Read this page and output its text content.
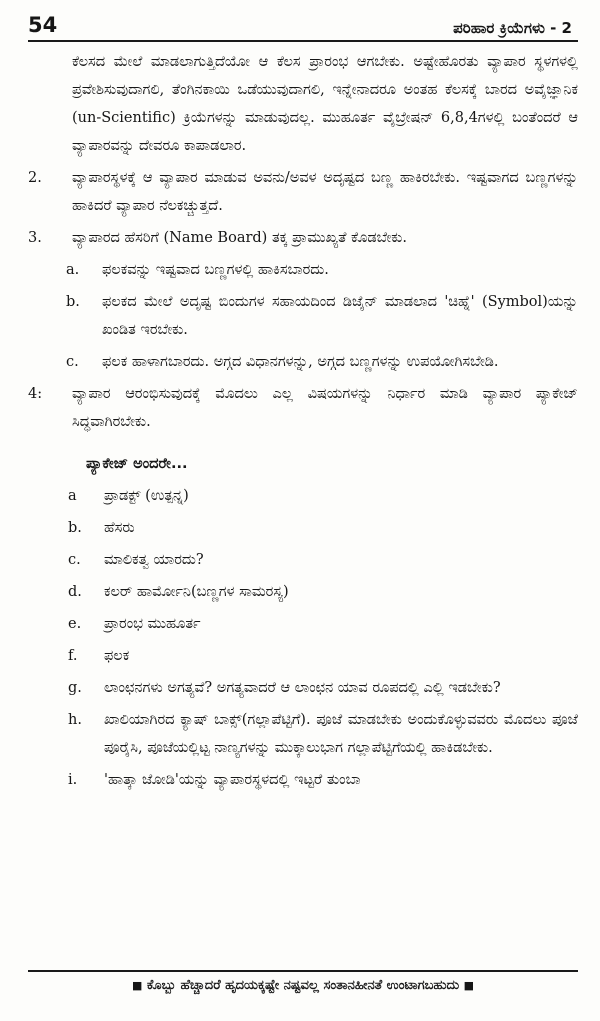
54	ಪರಿಹಾರ ಕ್ರಿಯೆಗಳು - 2

ಕೆಲಸದ ಮೇಲೆ ಮಾಡಲಾಗುತ್ತಿದೆಯೋ ಆ ಕೆಲಸ ಪ್ರಾರಂಭ ಆಗಬೇಕು. ಅಷ್ಟೇಹೊರತು ವ್ಯಾಪಾರ ಸ್ಥಳಗಳಲ್ಲಿ ಪ್ರವೇಶಿಸುವುದಾಗಲಿ, ತೆಂಗಿನಕಾಯಿ ಒಡೆಯುವುದಾಗಲಿ, ಇನ್ನೇನಾದರೂ ಅಂತಹ ಕೆಲಸಕ್ಕೆ ಬಾರದ ಅವೈಜ್ಞಾನಿಕ (un-Scientific) ಕ್ರಿಯೆಗಳನ್ನು ಮಾಡುವುದಲ್ಲ. ಮುಹೂರ್ತ ವೈಬ್ರೇಷನ್ 6,8,4ಗಳಲ್ಲಿ ಬಂತೆಂದರೆ ಆ ವ್ಯಾಪಾರವನ್ನು ದೇವರೂ ಕಾಪಾಡಲಾರ.

2.	ವ್ಯಾಪಾರಸ್ಥಳಕ್ಕೆ ಆ ವ್ಯಾಪಾರ ಮಾಡುವ ಅವನು/ಅವಳ ಅದೃಷ್ಟದ ಬಣ್ಣ ಹಾಕಿರಬೇಕು. ಇಷ್ಟವಾಗದ ಬಣ್ಣಗಳನ್ನು ಹಾಕಿದರೆ ವ್ಯಾಪಾರ ನೆಲಕಚ್ಚುತ್ತದೆ.
3.	ವ್ಯಾಪಾರದ ಹೆಸರಿಗೆ (Name Board) ತಕ್ಕ ಪ್ರಾಮುಖ್ಯತೆ ಕೊಡಬೇಕು.
a.	ಫಲಕವನ್ನು ಇಷ್ಟವಾದ ಬಣ್ಣಗಳಲ್ಲಿ ಹಾಕಿಸಬಾರದು.
b.	ಫಲಕದ ಮೇಲೆ ಅದೃಷ್ಟ ಬಿಂದುಗಳ ಸಹಾಯದಿಂದ ಡಿಜೈನ್ ಮಾಡಲಾದ 'ಚಿಹ್ನೆ' (Symbol)ಯನ್ನು ಖಂಡಿತ ಇರಬೇಕು.
c.	ಫಲಕ ಹಾಳಾಗಬಾರದು. ಅಗ್ಗದ ವಿಧಾನಗಳನ್ನು, ಅಗ್ಗದ ಬಣ್ಣಗಳನ್ನು ಉಪಯೋಗಿಸಬೇಡಿ.
4:	ವ್ಯಾಪಾರ ಆರಂಭಿಸುವುದಕ್ಕೆ ಮೊದಲು ಎಲ್ಲ ವಿಷಯಗಳನ್ನು ನಿರ್ಧಾರ ಮಾಡಿ ವ್ಯಾಪಾರ ಪ್ಯಾಕೇಜ್ ಸಿದ್ಧವಾಗಿರಬೇಕು.
ಪ್ಯಾಕೇಜ್ ಅಂದರೇ...
a	ಪ್ರಾಡಕ್ಟ್ (ಉತ್ಪನ್ನ)
b.	ಹೆಸರು
c.	ಮಾಲಿಕತ್ವ ಯಾರದು?
d.	ಕಲರ್ ಹಾರ್ಮೋನಿ(ಬಣ್ಣಗಳ ಸಾಮರಸ್ಯ)
e.	ಪ್ರಾರಂಭ ಮುಹೂರ್ತ
f.	ಫಲಕ
g.	ಲಾಂಛನಗಳು ಅಗತ್ಯವೆ? ಅಗತ್ಯವಾದರೆ ಆ ಲಾಂಛನ ಯಾವ ರೂಪದಲ್ಲಿ ಎಲ್ಲಿ ಇಡಬೇಕು?
h.	ಖಾಲಿಯಾಗಿರದ ಕ್ಯಾಷ್ ಬಾಕ್ಸ್(ಗಲ್ಲಾಪೆಟ್ಟಿಗೆ). ಪೂಜೆ ಮಾಡಬೇಕು ಅಂದುಕೊಳ್ಳುವವರು ಮೊದಲು ಪೂಜೆ ಪೂರೈಸಿ, ಪೂಜೆಯಲ್ಲಿಟ್ಟ ನಾಣ್ಯಗಳನ್ನು ಮುಕ್ಕಾಲುಭಾಗ ಗಲ್ಲಾಪೆಟ್ಟಿಗೆಯಲ್ಲಿ ಹಾಕಿಡಬೇಕು.
i.	'ಹಾತ್ಕಾ ಜೋಡಿ'ಯನ್ನು ವ್ಯಾಪಾರಸ್ಥಳದಲ್ಲಿ ಇಟ್ಟರೆ ತುಂಬಾ
■ ಕೊಬ್ಬು ಹೆಚ್ಚಾದರೆ ಹೃದಯಕ್ಕಷ್ಟೇ ನಷ್ಟವಲ್ಲ ಸಂತಾನಹೀನತೆ ಉಂಟಾಗಬಹುದು ■
